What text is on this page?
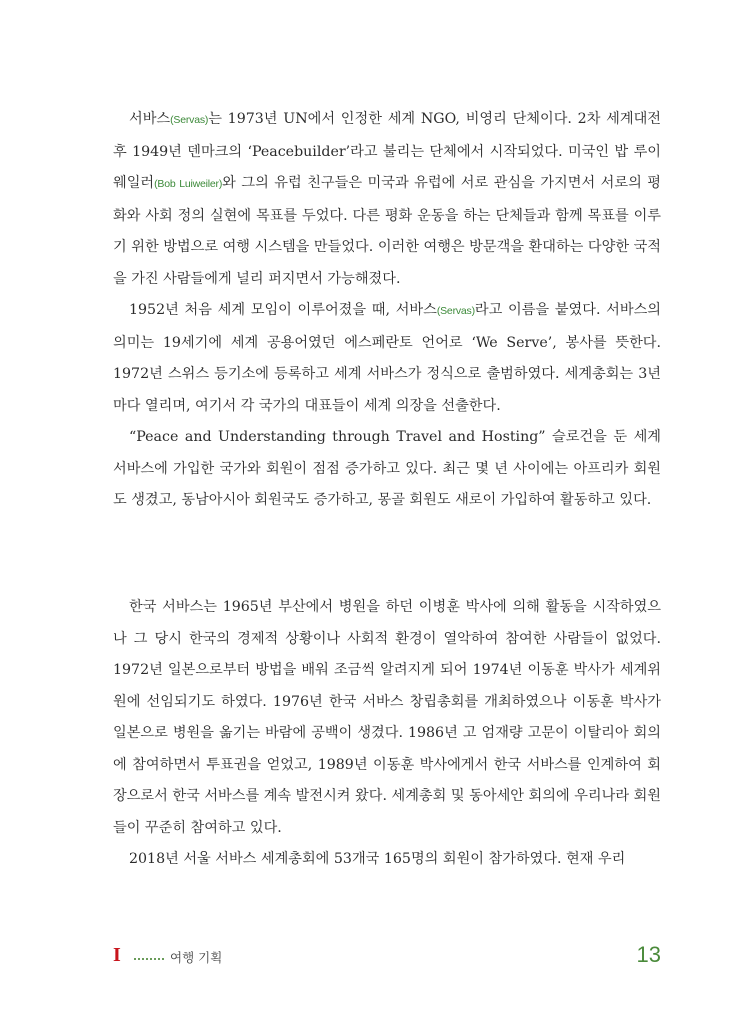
서바스(Servas)는 1973년 UN에서 인정한 세계 NGO, 비영리 단체이다. 2차 세계대전 후 1949년 덴마크의 ‘Peacebuilder’라고 불리는 단체에서 시작되었다. 미국인 밥 루이웨일러(Bob Luiweiler)와 그의 유럽 친구들은 미국과 유럽에 서로 관심을 가지면서 서로의 평화와 사회 정의 실현에 목표를 두었다. 다른 평화 운동을 하는 단체들과 함께 목표를 이루기 위한 방법으로 여행 시스템을 만들었다. 이러한 여행은 방문객을 환대하는 다양한 국적을 가진 사람들에게 널리 퍼지면서 가능해졌다.

1952년 처음 세계 모임이 이루어졌을 때, 서바스(Servas)라고 이름을 붙였다. 서바스의 의미는 19세기에 세계 공용어였던 에스페란토 언어로 ‘We Serve’, 봉사를 뜻한다. 1972년 스위스 등기소에 등록하고 세계 서바스가 정식으로 출범하였다. 세계총회는 3년마다 열리며, 여기서 각 국가의 대표들이 세계 의장을 선출한다.

“Peace and Understanding through Travel and Hosting” 슬로건을 둔 세계 서바스에 가입한 국가와 회원이 점점 증가하고 있다. 최근 몇 년 사이에는 아프리카 회원도 생겼고, 동남아시아 회원국도 증가하고, 몽골 회원도 새로이 가입하여 활동하고 있다.

한국 서바스는 1965년 부산에서 병원을 하던 이병훈 박사에 의해 활동을 시작하였으나 그 당시 한국의 경제적 상황이나 사회적 환경이 열악하여 참여한 사람들이 없었다. 1972년 일본으로부터 방법을 배워 조금씩 알려지게 되어 1974년 이동훈 박사가 세계위원에 선임되기도 하였다. 1976년 한국 서바스 창립총회를 개최하였으나 이동훈 박사가 일본으로 병원을 옮기는 바람에 공백이 생겼다. 1986년 고 엄재량 고문이 이탈리아 회의에 참여하면서 투표권을 얻었고, 1989년 이동훈 박사에게서 한국 서바스를 인계하여 회장으로서 한국 서바스를 계속 발전시켜 왔다. 세계총회 및 동아세안 회의에 우리나라 회원들이 꾸준히 참여하고 있다.

2018년 서울 서바스 세계총회에 53개국 165명의 회원이 참가하였다. 현재 우리

I	여행 기획	13
